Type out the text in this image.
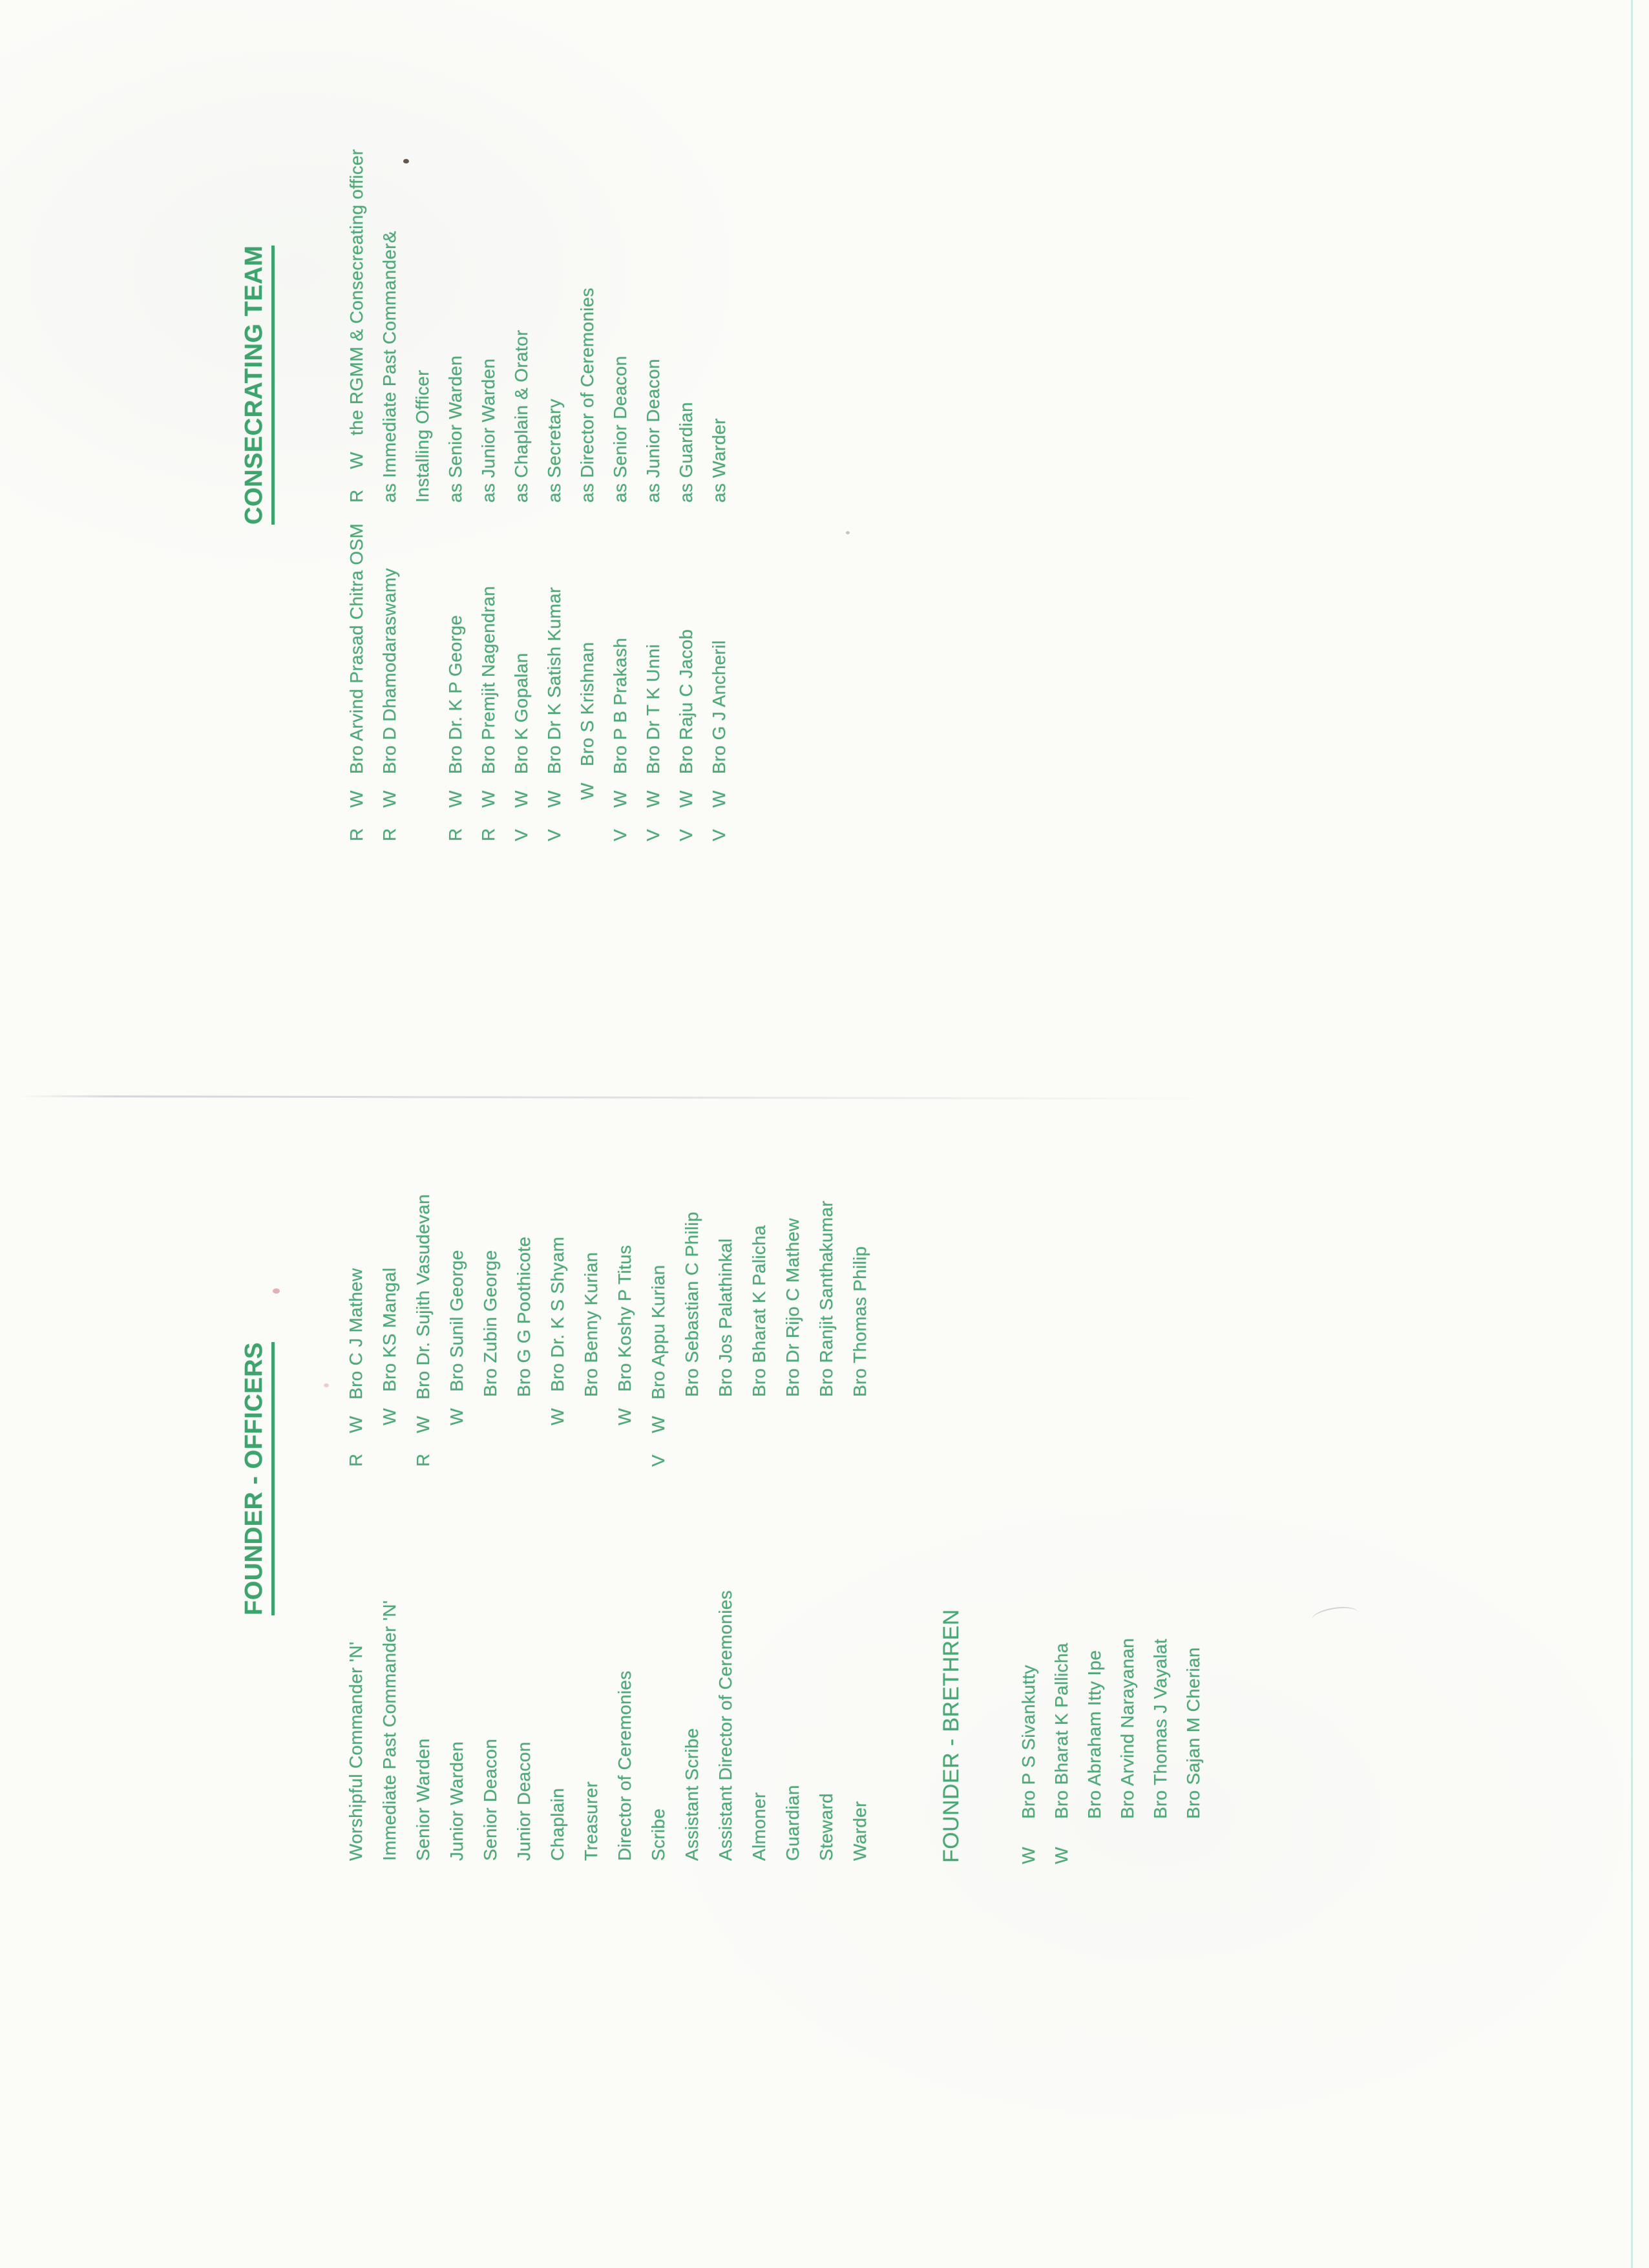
CONSECRATING TEAM	RWthe RGMM & Consecreating officer as Immediate Past Commander& Installing Officer as Senior Warden as Junior Warden as Chaplain & Orator as Secretary as Director of Ceremonies as Senior Deacon as Junior Deacon as Guardian as Warder
RWBro Arvind Prasad Chitra OSM
RWBro D Dhamodaraswamy
RWBro Dr. K P George
RWBro Premjit Nagendran
VWBro K Gopalan
VWBro Dr K Satish Kumar
WBro S Krishnan
VWBro P B Prakash
VWBro Dr T K Unni
VWBro Raju C Jacob
VWBro G J Ancheril
FOUNDER - OFFICERS
Worshipful Commander 'N' Immediate Past Commander 'N' Senior Warden Junior Warden Senior Deacon Junior Deacon Chaplain Treasurer Director of Ceremonies Scribe Assistant Scribe Assistant Director of Ceremonies Almoner Guardian Steward Warder
RWBro C J Mathew
WBro KS Mangal
RWBro Dr. Sujith Vasudevan
WBro Sunil George Bro Zubin George Bro G G Poothicote
WBro Dr. K S Shyam Bro Benny Kurian
WBro Koshy P Titus
VWBro Appu Kurian Bro Sebastian C Philip Bro Jos Palathinkal Bro Bharat K Palicha Bro Dr Rijo C Mathew Bro Ranjit Santhakumar Bro Thomas Philip
FOUNDER - BRETHREN	WBro P S Sivankutty
WBro Bharat K Pallicha Bro Abraham Itty Ipe Bro Arvind Narayanan Bro Thomas J Vayalat Bro Sajan M Cherian
